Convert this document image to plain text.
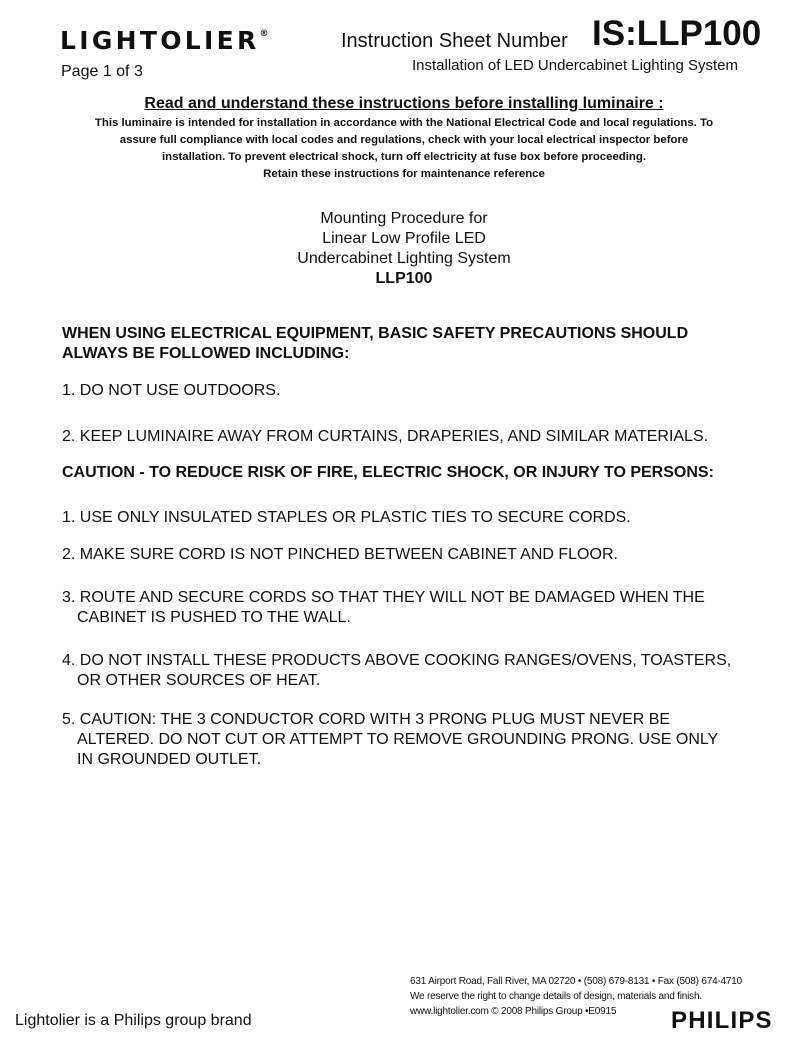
LIGHTOLIER®	Instruction Sheet Number IS:LLP100
Page 1 of 3	Installation of LED Undercabinet Lighting System
Read and understand these instructions before installing luminaire :
This luminaire is intended for installation in accordance with the National Electrical Code and local regulations. To
assure full compliance with local codes and regulations, check with your local electrical inspector before
installation. To prevent electrical shock, turn off electricity at fuse box before proceeding.
Retain these instructions for maintenance reference
Mounting Procedure for
Linear Low Profile LED
Undercabinet Lighting System
LLP100
WHEN USING ELECTRICAL EQUIPMENT, BASIC SAFETY PRECAUTIONS SHOULD ALWAYS BE FOLLOWED INCLUDING:
1. DO NOT USE OUTDOORS.
2. KEEP LUMINAIRE AWAY FROM CURTAINS, DRAPERIES, AND SIMILAR MATERIALS.
CAUTION - TO REDUCE RISK OF FIRE, ELECTRIC SHOCK, OR INJURY TO PERSONS:
1. USE ONLY INSULATED STAPLES OR PLASTIC TIES TO SECURE CORDS.
2. MAKE SURE CORD IS NOT PINCHED BETWEEN CABINET AND FLOOR.
3. ROUTE AND SECURE CORDS SO THAT THEY WILL NOT BE DAMAGED WHEN THE
CABINET IS PUSHED TO THE WALL.
4. DO NOT INSTALL THESE PRODUCTS ABOVE COOKING RANGES/OVENS, TOASTERS,
OR OTHER SOURCES OF HEAT.
5. CAUTION: THE 3 CONDUCTOR CORD WITH 3 PRONG PLUG MUST NEVER BE
ALTERED. DO NOT CUT OR ATTEMPT TO REMOVE GROUNDING PRONG. USE ONLY
IN GROUNDED OUTLET.
631 Airport Road, Fall River, MA 02720 • (508) 679-8131 • Fax (508) 674-4710
We reserve the right to change details of design, materials and finish.
www.lightolier.com © 2008 Philips Group •E0915
Lightolier is a Philips group brand	PHILIPS
